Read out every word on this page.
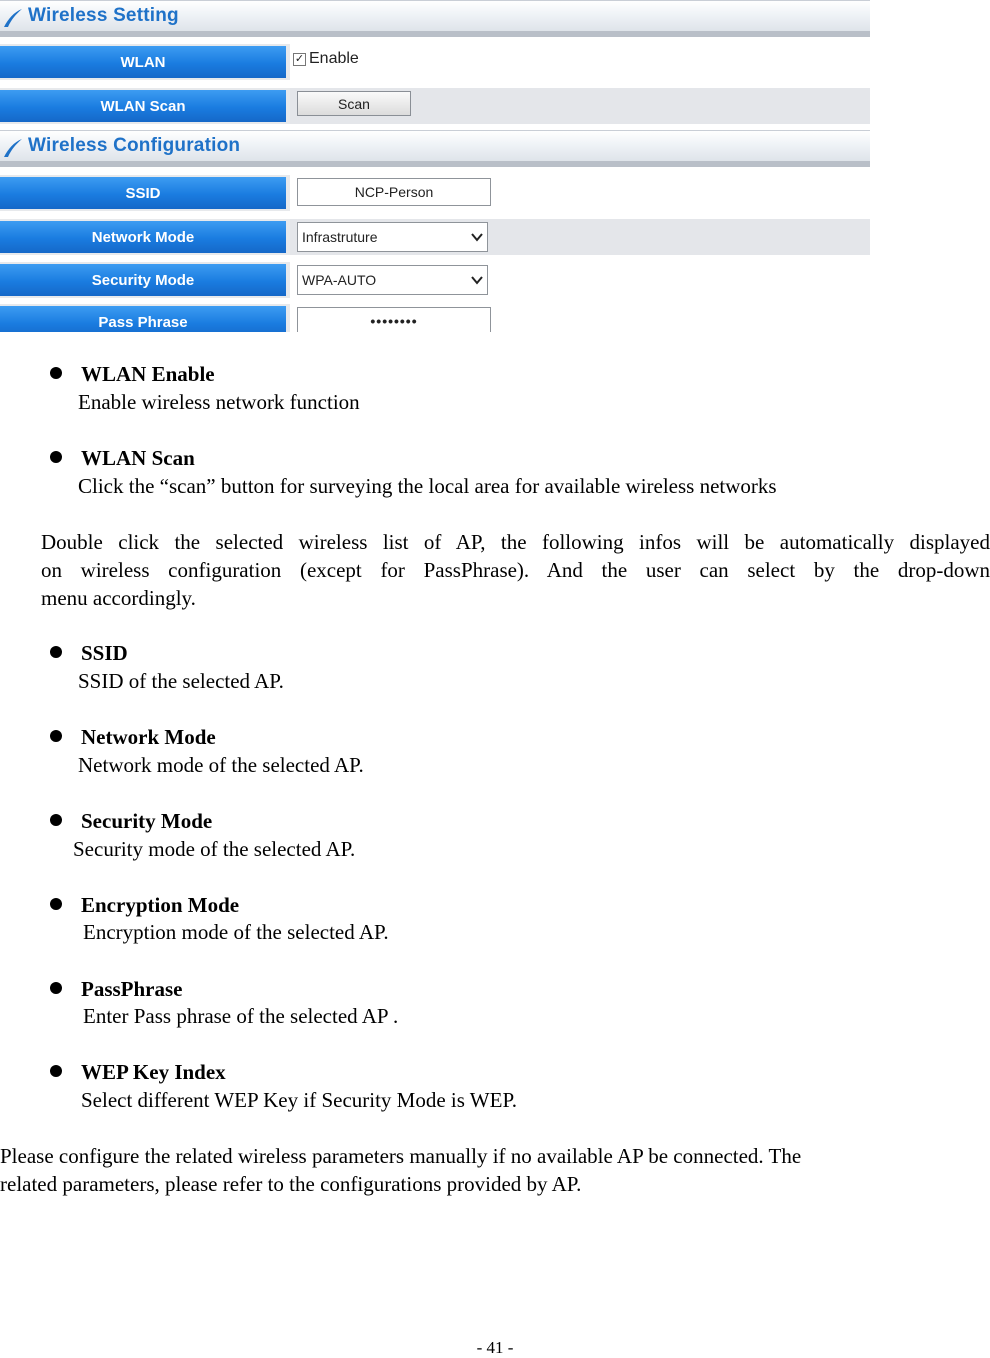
Wireless Setting
WLAN	✓ Enable
WLAN Scan	Scan
Wireless Configuration
SSID	NCP-Person
Network Mode	Infrastruture
Security Mode	WPA-AUTO
Pass Phrase	••••••••
WLAN Enable
Enable wireless network function
WLAN Scan
Click the “scan” button for surveying the local area for available wireless networks
Double click the selected wireless list of AP, the following infos will be automatically displayed
on wireless configuration (except for PassPhrase). And the user can select by the drop-down
menu accordingly.
SSID
SSID of the selected AP.
Network Mode
Network mode of the selected AP.
Security Mode
Security mode of the selected AP.
Encryption Mode
Encryption mode of the selected AP.
PassPhrase
Enter Pass phrase of the selected AP .
WEP Key Index
Select different WEP Key if Security Mode is WEP.
Please configure the related wireless parameters manually if no available AP be connected. The
related parameters, please refer to the configurations provided by AP.
- 41 -
